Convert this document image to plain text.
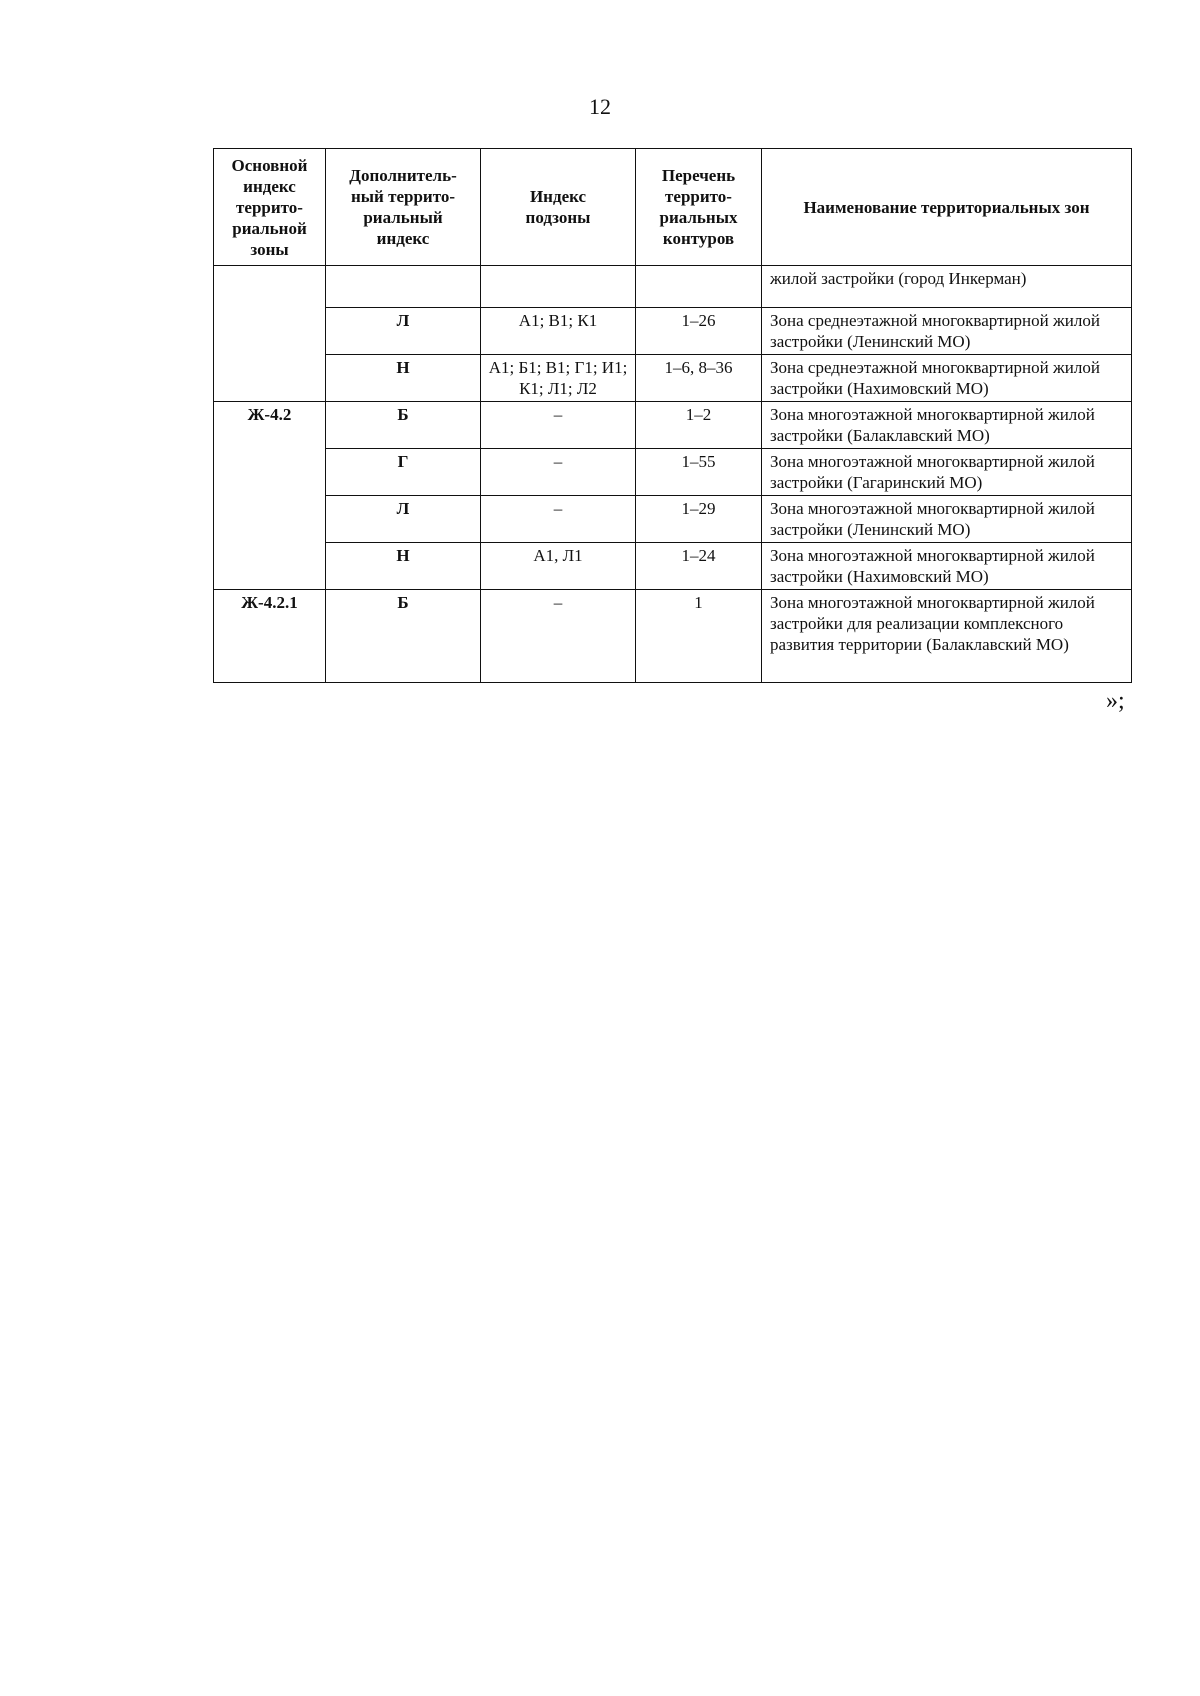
12
Основной
индекс
террито-
риальной
зоны	Дополнитель-
ный террито-
риальный
индекс	Индекс
подзоны	Перечень
террито-
риальных
контуров	Наименование территориальных зон
				жилой застройки (город Инкерман)
	Л	А1; В1; К1	1–26	Зона среднеэтажной многоквартирной жилой застройки (Ленинский МО)
	Н	А1; Б1; В1; Г1; И1; К1; Л1; Л2	1–6, 8–36	Зона среднеэтажной многоквартирной жилой застройки (Нахимовский МО)
Ж-4.2	Б	–	1–2	Зона многоэтажной многоквартирной жилой застройки (Балаклавский МО)
	Г	–	1–55	Зона многоэтажной многоквартирной жилой застройки (Гагаринский МО)
	Л	–	1–29	Зона многоэтажной многоквартирной жилой застройки (Ленинский МО)
	Н	А1, Л1	1–24	Зона многоэтажной многоквартирной жилой застройки (Нахимовский МО)
Ж-4.2.1	Б	–	1	Зона многоэтажной многоквартирной жилой застройки для реализации комплексного развития территории (Балаклавский МО)
»;
